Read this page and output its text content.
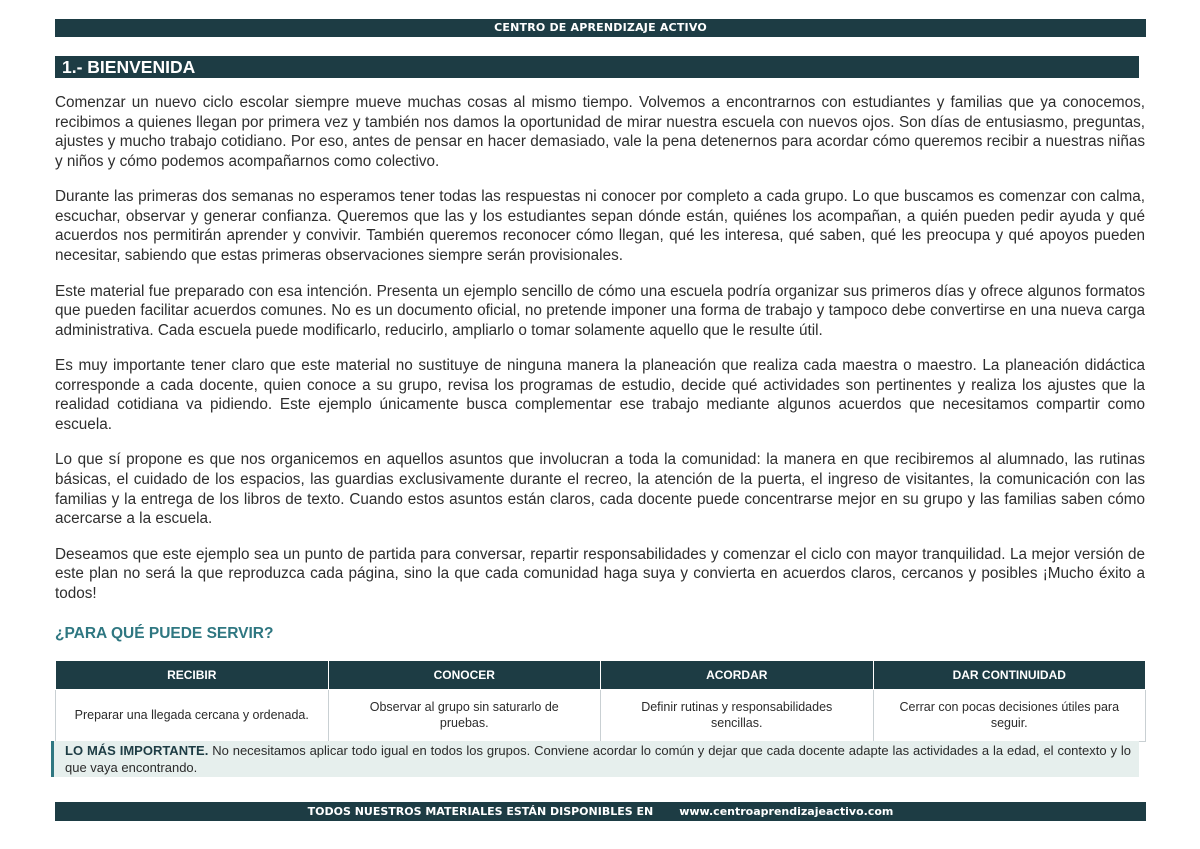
CENTRO DE APRENDIZAJE ACTIVO
1.- BIENVENIDA

Comenzar un nuevo ciclo escolar siempre mueve muchas cosas al mismo tiempo. Volvemos a encontrarnos con estudiantes y familias que ya conocemos, recibimos a quienes llegan por primera vez y también nos damos la oportunidad de mirar nuestra escuela con nuevos ojos. Son días de entusiasmo, preguntas, ajustes y mucho trabajo cotidiano. Por eso, antes de pensar en hacer demasiado, vale la pena detenernos para acordar cómo queremos recibir a nuestras niñas y niños y cómo podemos acompañarnos como colectivo.

Durante las primeras dos semanas no esperamos tener todas las respuestas ni conocer por completo a cada grupo. Lo que buscamos es comenzar con calma, escuchar, observar y generar confianza. Queremos que las y los estudiantes sepan dónde están, quiénes los acompañan, a quién pueden pedir ayuda y qué acuerdos nos permitirán aprender y convivir. También queremos reconocer cómo llegan, qué les interesa, qué saben, qué les preocupa y qué apoyos pueden necesitar, sabiendo que estas primeras observaciones siempre serán provisionales.

Este material fue preparado con esa intención. Presenta un ejemplo sencillo de cómo una escuela podría organizar sus primeros días y ofrece algunos formatos que pueden facilitar acuerdos comunes. No es un documento oficial, no pretende imponer una forma de trabajo y tampoco debe convertirse en una nueva carga administrativa. Cada escuela puede modificarlo, reducirlo, ampliarlo o tomar solamente aquello que le resulte útil.

Es muy importante tener claro que este material no sustituye de ninguna manera la planeación que realiza cada maestra o maestro. La planeación didáctica corresponde a cada docente, quien conoce a su grupo, revisa los programas de estudio, decide qué actividades son pertinentes y realiza los ajustes que la realidad cotidiana va pidiendo. Este ejemplo únicamente busca complementar ese trabajo mediante algunos acuerdos que necesitamos compartir como escuela.

Lo que sí propone es que nos organicemos en aquellos asuntos que involucran a toda la comunidad: la manera en que recibiremos al alumnado, las rutinas básicas, el cuidado de los espacios, las guardias exclusivamente durante el recreo, la atención de la puerta, el ingreso de visitantes, la comunicación con las familias y la entrega de los libros de texto. Cuando estos asuntos están claros, cada docente puede concentrarse mejor en su grupo y las familias saben cómo acercarse a la escuela.

Deseamos que este ejemplo sea un punto de partida para conversar, repartir responsabilidades y comenzar el ciclo con mayor tranquilidad. La mejor versión de este plan no será la que reproduzca cada página, sino la que cada comunidad haga suya y convierta en acuerdos claros, cercanos y posibles ¡Mucho éxito a todos!

¿PARA QUÉ PUEDE SERVIR?
RECIBIR	CONOCER	ACORDAR	DAR CONTINUIDAD
Preparar una llegada cercana y ordenada.	Observar al grupo sin saturarlo de pruebas.	Definir rutinas y responsabilidades sencillas.	Cerrar con pocas decisiones útiles para seguir.
LO MÁS IMPORTANTE. No necesitamos aplicar todo igual en todos los grupos. Conviene acordar lo común y dejar que cada docente adapte las actividades a la edad, el contexto y lo que vaya encontrando.
TODOS NUESTROS MATERIALES ESTÁN DISPONIBLES EN www.centroaprendizajeactivo.com
